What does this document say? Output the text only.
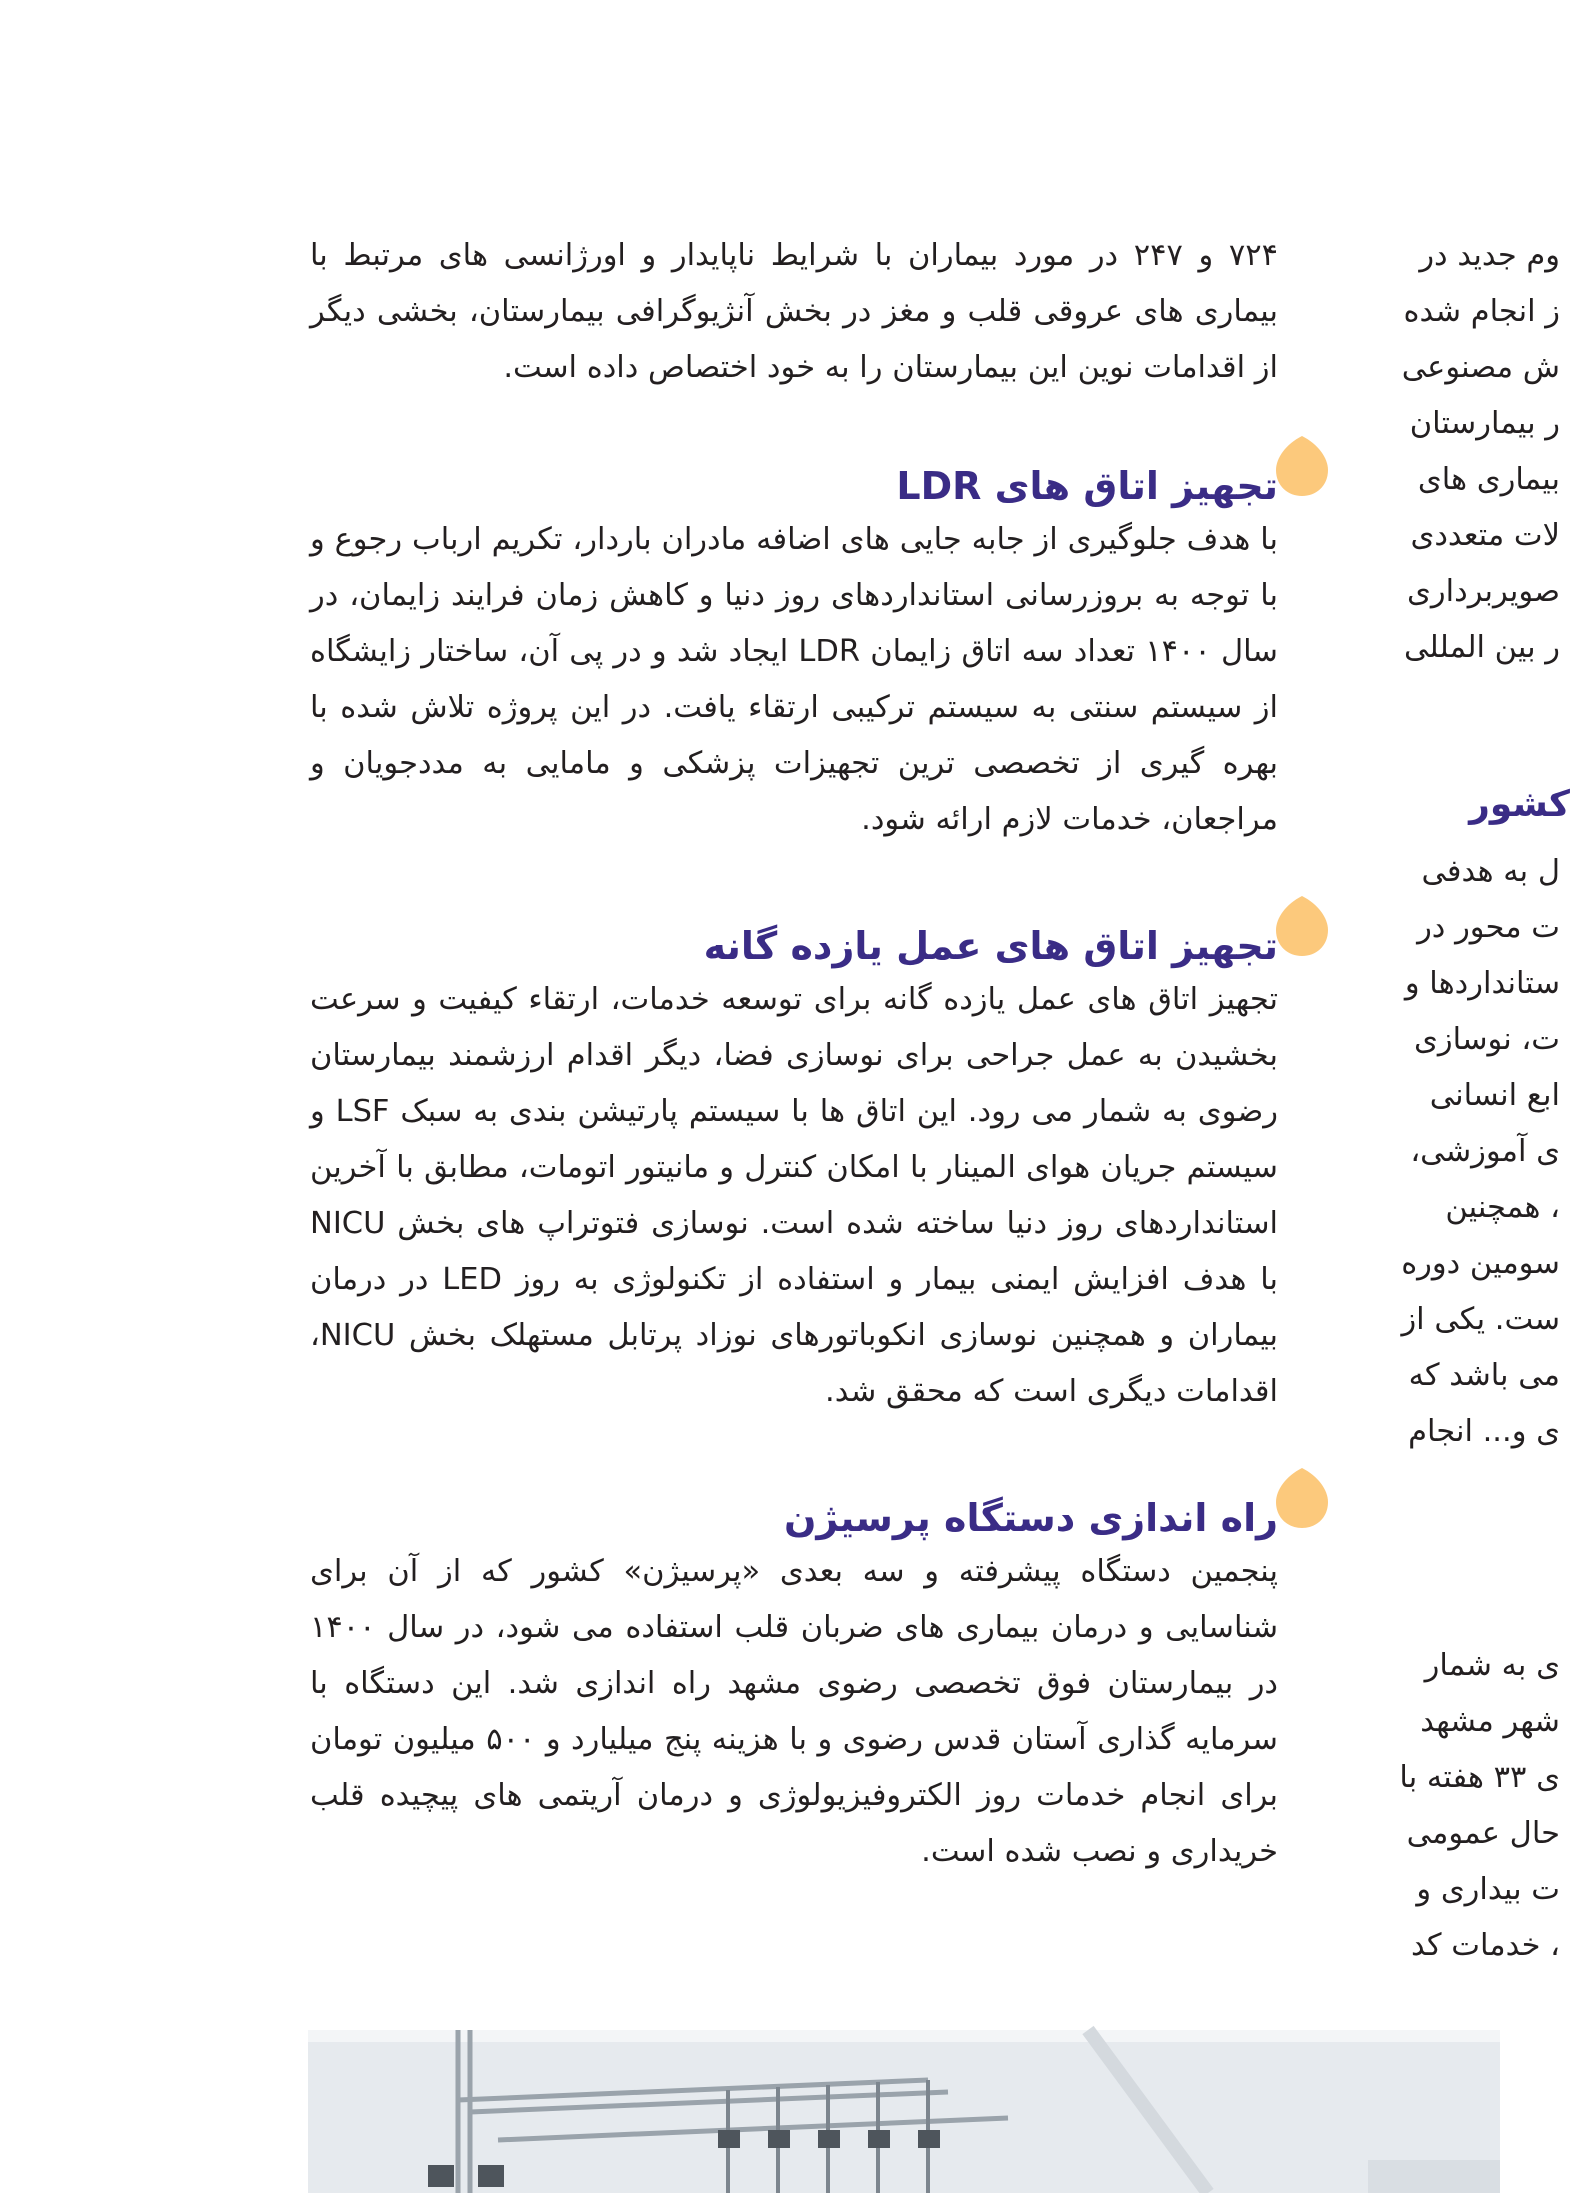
۷۲۴ و ۲۴۷ در مورد بیماران با شرایط ناپایدار و اورژانسی های مرتبط با بیماری های عروقی قلب و مغز در بخش آنژیوگرافی بیمارستان، بخشی دیگر از اقدامات نوین این بیمارستان را به خود اختصاص داده است.

تجهیز اتاق های LDR

با هدف جلوگیری از جابه جایی های اضافه مادران باردار، تکریم ارباب رجوع و با توجه به بروزرسانی استانداردهای روز دنیا و کاهش زمان فرایند زایمان، در سال ۱۴۰۰ تعداد سه اتاق زایمان LDR ایجاد شد و در پی آن، ساختار زایشگاه از سیستم سنتی به سیستم ترکیبی ارتقاء یافت. در این پروژه تلاش شده با بهره گیری از تخصصی ترین تجهیزات پزشکی و مامایی به مددجویان و مراجعان، خدمات لازم ارائه شود.

تجهیز اتاق های عمل یازده گانه

تجهیز اتاق های عمل یازده گانه برای توسعه خدمات، ارتقاء کیفیت و سرعت بخشیدن به عمل جراحی برای نوسازی فضا، دیگر اقدام ارزشمند بیمارستان رضوی به شمار می رود. این اتاق ها با سیستم پارتیشن بندی به سبک LSF و سیستم جریان هوای المینار با امکان کنترل و مانیتور اتومات، مطابق با آخرین استانداردهای روز دنیا ساخته شده است. نوسازی فتوتراپ های بخش NICU با هدف افزایش ایمنی بیمار و استفاده از تکنولوژی به روز LED در درمان بیماران و همچنین نوسازی انکوباتورهای نوزاد پرتابل مستهلک بخش NICU، اقدامات دیگری است که محقق شد.

راه اندازی دستگاه پرسیژن

پنجمین دستگاه پیشرفته و سه بعدی «پرسیژن» کشور که از آن برای شناسایی و درمان بیماری های ضربان قلب استفاده می شود، در سال ۱۴۰۰ در بیمارستان فوق تخصصی رضوی مشهد راه اندازی شد. این دستگاه با سرمایه گذاری آستان قدس رضوی و با هزینه پنج میلیارد و ۵۰۰ میلیون تومان برای انجام خدمات روز الکتروفیزیولوژی و درمان آریتمی های پیچیده قلب خریداری و نصب شده است.

وم جدید در
ز انجام شده
ش مصنوعی
ر بیمارستان
بیماری های
لات متعددی
صویربرداری
ر بین المللی
کشور
ل به هدفی
ت محور در
ستانداردها و
ت، نوسازی
ابع انسانی
ی آموزشی،
، همچنین
سومین دوره
ست. یکی از
می باشد که
ی و... انجام
ی به شمار
شهر مشهد
ی ۳۳ هفته با
حال عمومی
ت بیداری و
، خدمات کد
